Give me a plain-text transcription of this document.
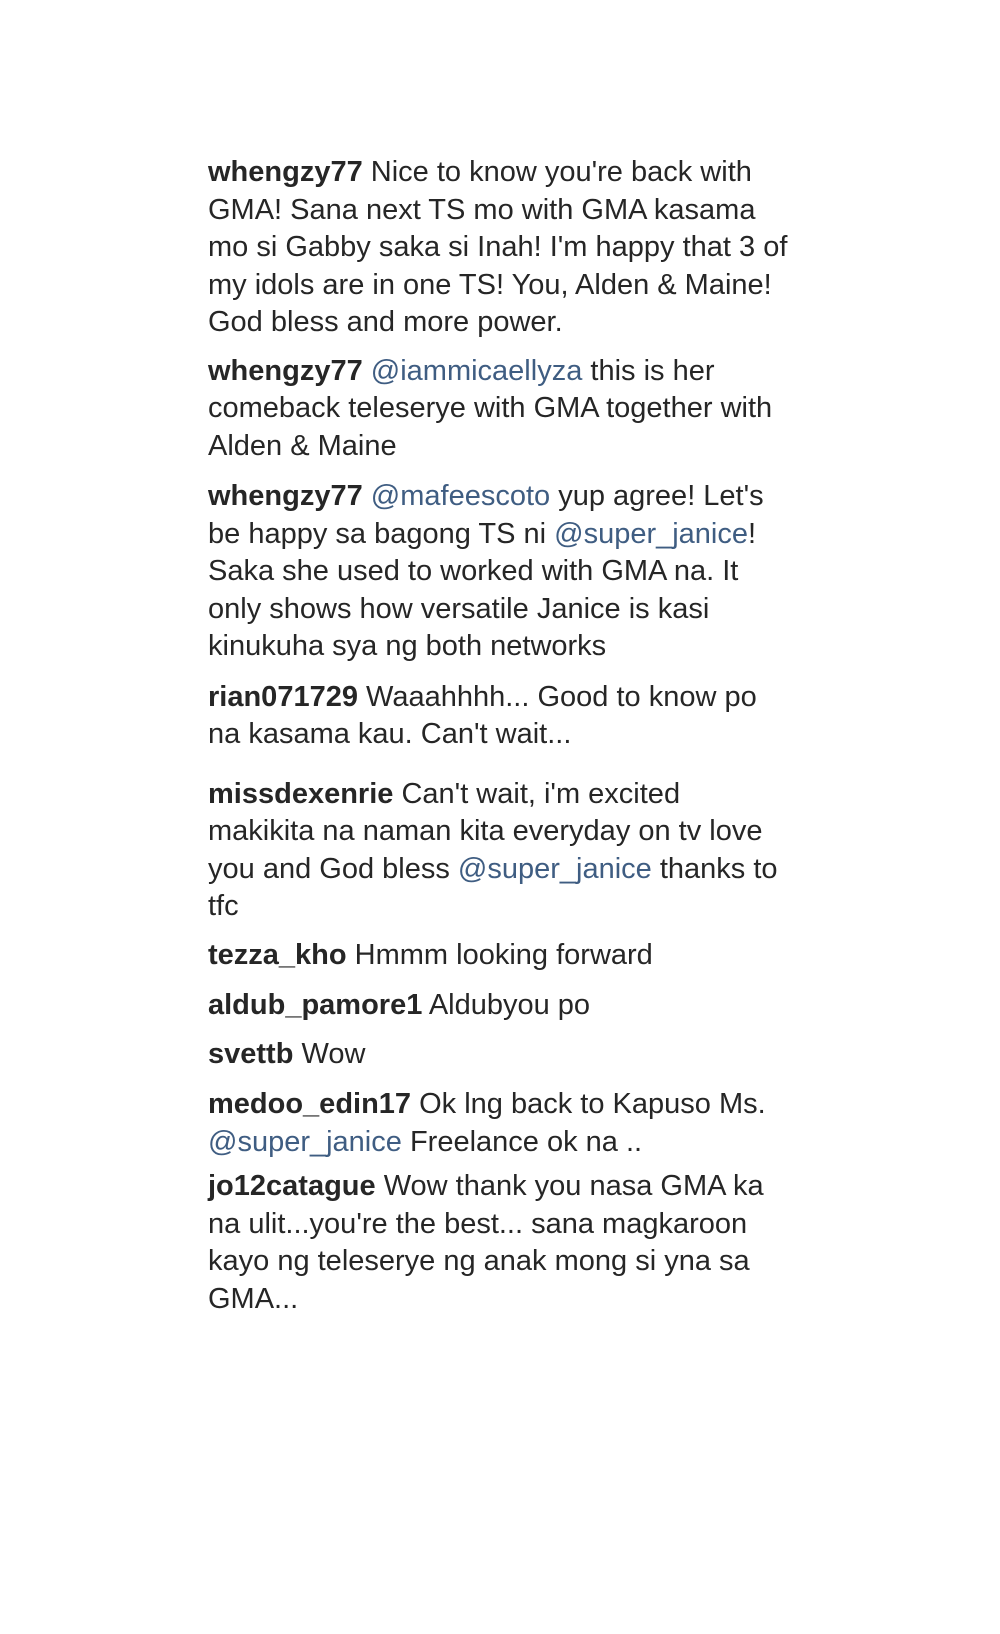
whengzy77 Nice to know you're back with GMA! Sana next TS mo with GMA kasama mo si Gabby saka si Inah! I'm happy that 3 of my idols are in one TS! You, Alden & Maine! God bless and more power.
whengzy77 @iammicaellyza this is her comeback teleserye with GMA together with Alden & Maine
whengzy77 @mafeescoto yup agree! Let's be happy sa bagong TS ni @super_janice! Saka she used to worked with GMA na. It only shows how versatile Janice is kasi kinukuha sya ng both networks
rian071729 Waaahhhh... Good to know po na kasama kau. Can't wait...
missdexenrie Can't wait, i'm excited makikita na naman kita everyday on tv love you and God bless @super_janice thanks to tfc
tezza_kho Hmmm looking forward
aldub_pamore1 Aldubyou po
svettb Wow
medoo_edin17 Ok lng back to Kapuso Ms. @super_janice Freelance ok na ..
jo12catague Wow thank you nasa GMA ka na ulit...you're the best... sana magkaroon kayo ng teleserye ng anak mong si yna sa GMA...
